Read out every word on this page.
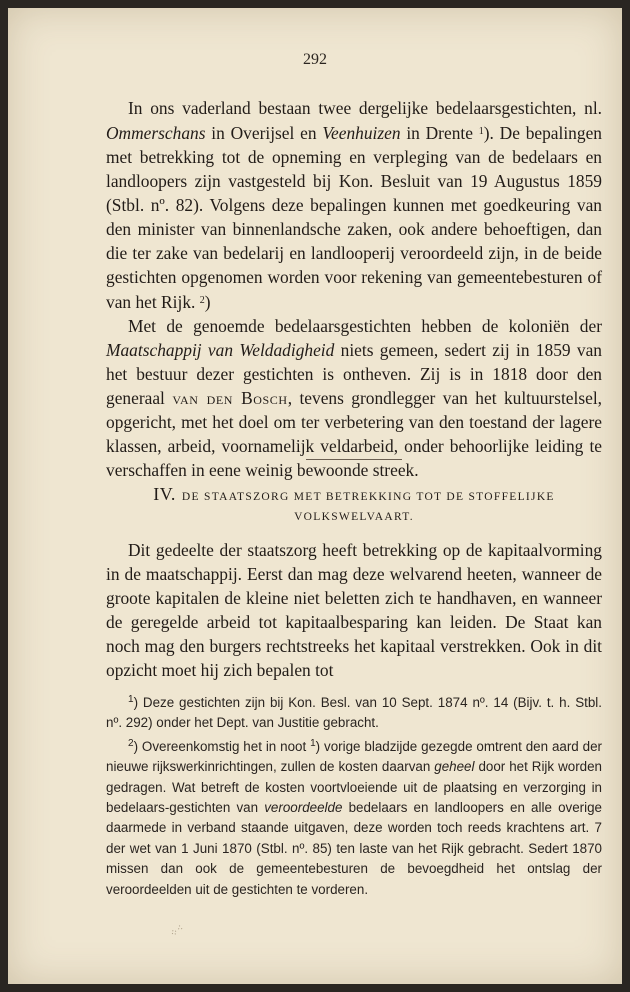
292

In ons vaderland bestaan twee dergelijke bedelaarsgestichten, nl. Ommerschans in Overijsel en Veenhuizen in Drente $^1$). De bepalingen met betrekking tot de opneming en verpleging van de bedelaars en landloopers zijn vastgesteld bij Kon. Besluit van 19 Augustus 1859 (Stbl. nº. 82). Volgens deze bepalingen kunnen met goedkeuring van den minister van binnenlandsche zaken, ook andere behoeftigen, dan die ter zake van bedelarij en landlooperij veroordeeld zijn, in de beide gestichten opgenomen worden voor rekening van gemeentebesturen of van het Rijk. $^2$)

Met de genoemde bedelaarsgestichten hebben de koloniën der Maatschappij van Weldadigheid niets gemeen, sedert zij in 1859 van het bestuur dezer gestichten is ontheven. Zij is in 1818 door den generaal van den Bosch, tevens grondlegger van het kultuurstelsel, opgericht, met het doel om ter verbetering van den toestand der lagere klassen, arbeid, voornamelijk veldarbeid, onder behoorlijke leiding te verschaffen in eene weinig bewoonde streek.

IV. DE STAATSZORG MET BETREKKING TOT DE STOFFELIJKE VOLKSWELVAART.

Dit gedeelte der staatszorg heeft betrekking op de kapitaalvorming in de maatschappij. Eerst dan mag deze welvarend heeten, wanneer de groote kapitalen de kleine niet beletten zich te handhaven, en wanneer de geregelde arbeid tot kapitaalbesparing kan leiden. De Staat kan noch mag den burgers rechtstreeks het kapitaal verstrekken. Ook in dit opzicht moet hij zich bepalen tot

$^1$) Deze gestichten zijn bij Kon. Besl. van 10 Sept. 1874 nº. 14 (Bijv. t. h. Stbl. nº. 292) onder het Dept. van Justitie gebracht.

$^2$) Overeenkomstig het in noot $^1$) vorige bladzijde gezegde omtrent den aard der nieuwe rijkswerkinrichtingen, zullen de kosten daarvan geheel door het Rijk worden gedragen. Wat betreft de kosten voortvloeiende uit de plaatsing en verzorging in bedelaars-gestichten van veroordeelde bedelaars en landloopers en alle overige daarmede in verband staande uitgaven, deze worden toch reeds krachtens art. 7 der wet van 1 Juni 1870 (Stbl. nº. 85) ten laste van het Rijk gebracht. Sedert 1870 missen dan ook de gemeentebesturen de bevoegdheid het ontslag der veroordeelden uit de gestichten te vorderen.

⁘⁖
